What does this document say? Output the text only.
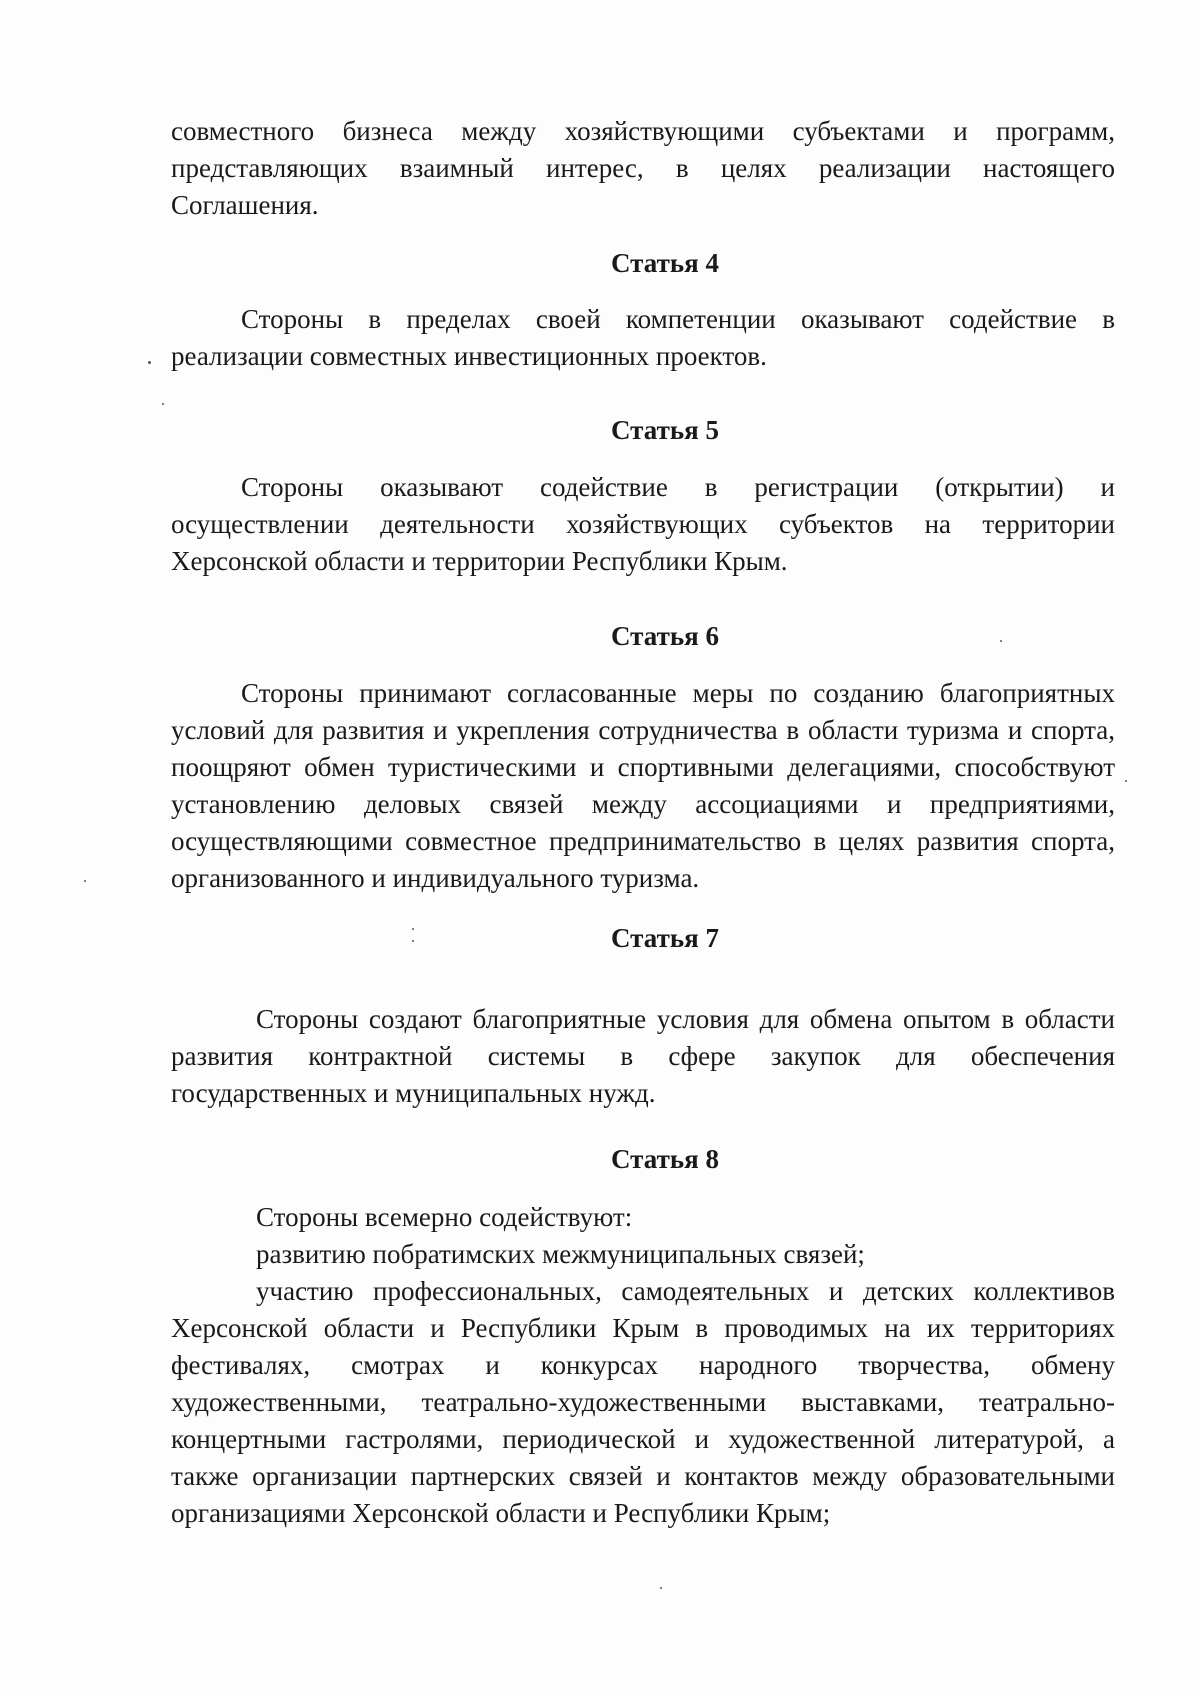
совместного бизнеса между хозяйствующими субъектами и программ, представляющих взаимный интерес, в целях реализации настоящего Соглашения.

Статья 4

Стороны в пределах своей компетенции оказывают содействие в реализации совместных инвестиционных проектов.

Статья 5

Стороны оказывают содействие в регистрации (открытии) и осуществлении деятельности хозяйствующих субъектов на территории Херсонской области и территории Республики Крым.

Статья 6

Стороны принимают согласованные меры по созданию благоприятных условий для развития и укрепления сотрудничества в области туризма и спорта, поощряют обмен туристическими и спортивными делегациями, способствуют установлению деловых связей между ассоциациями и предприятиями, осуществляющими совместное предпринимательство в целях развития спорта, организованного и индивидуального туризма.

Статья 7

Стороны создают благоприятные условия для обмена опытом в области развития контрактной системы в сфере закупок для обеспечения государственных и муниципальных нужд.

Статья 8

Стороны всемерно содействуют:

развитию побратимских межмуниципальных связей;

участию профессиональных, самодеятельных и детских коллективов Херсонской области и Республики Крым в проводимых на их территориях фестивалях, смотрах и конкурсах народного творчества, обмену художественными, театрально-художественными выставками, театрально-концертными гастролями, периодической и художественной литературой, а также организации партнерских связей и контактов между образовательными организациями Херсонской области и Республики Крым;
